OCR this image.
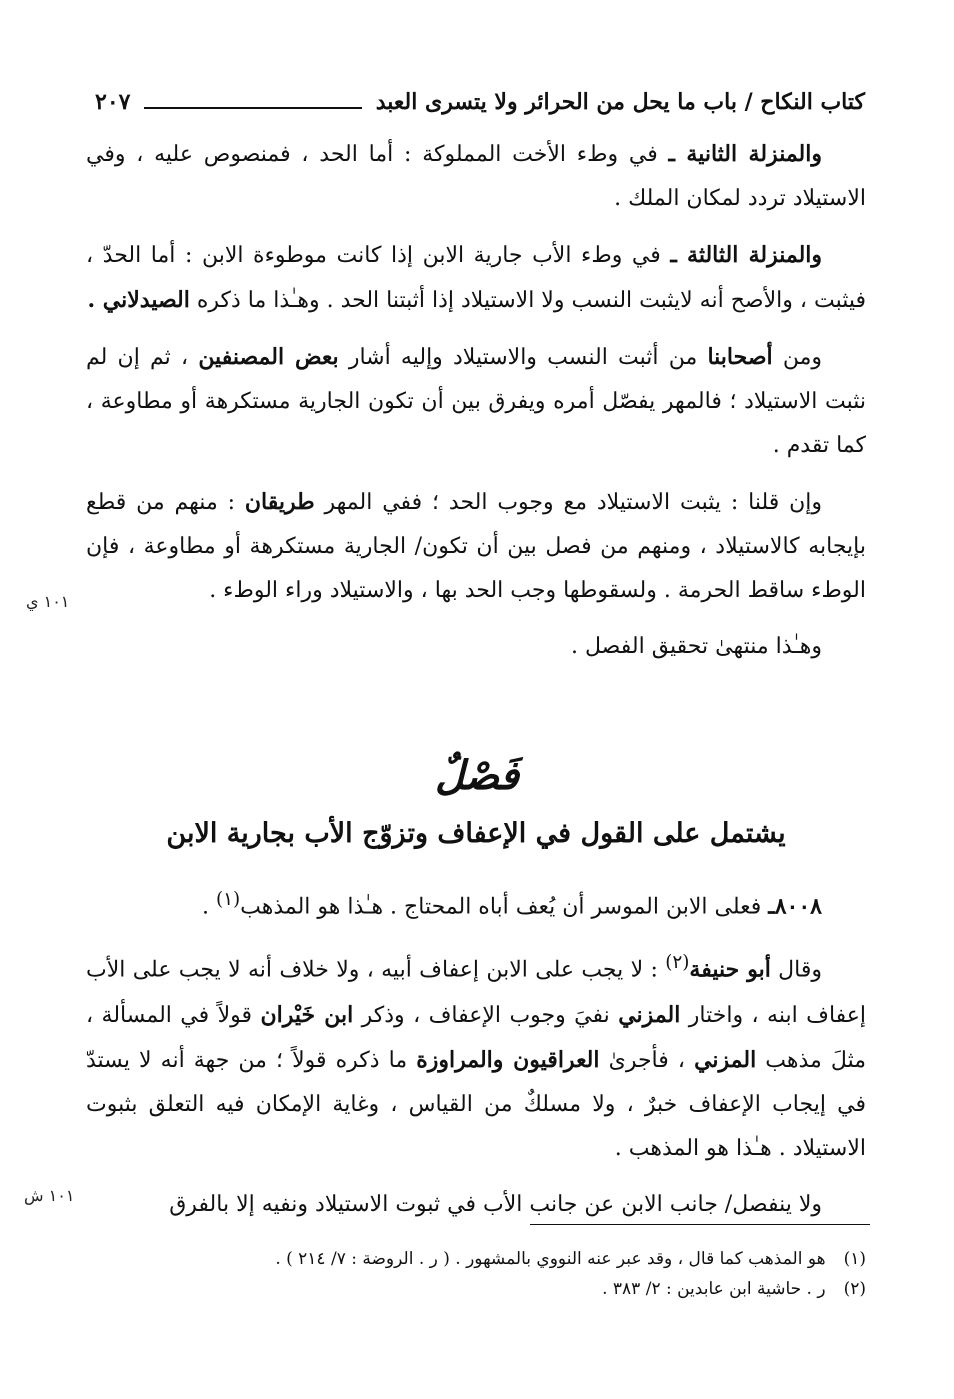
كتاب النكاح / باب ما يحل من الحرائر ولا يتسرى العبد
٢٠٧

والمنزلة الثانية ـ في وطء الأخت المملوكة : أما الحد ، فمنصوص عليه ، وفي الاستيلاد تردد لمكان الملك .

والمنزلة الثالثة ـ في وطء الأب جارية الابن إذا كانت موطوءة الابن : أما الحدّ ، فيثبت ، والأصح أنه لايثبت النسب ولا الاستيلاد إذا أثبتنا الحد . وهـٰذا ما ذكره الصيدلاني .

ومن أصحابنا من أثبت النسب والاستيلاد وإليه أشار بعض المصنفين ، ثم إن لم نثبت الاستيلاد ؛ فالمهر يفصّل أمره ويفرق بين أن تكون الجارية مستكرهة أو مطاوعة ، كما تقدم .

وإن قلنا : يثبت الاستيلاد مع وجوب الحد ؛ ففي المهر طريقان : منهم من قطع بإيجابه كالاستيلاد ، ومنهم من فصل بين أن تكون/ الجارية مستكرهة أو مطاوعة ، فإن الوطء ساقط الحرمة . ولسقوطها وجب الحد بها ، والاستيلاد وراء الوطء .

وهـٰذا منتهىٰ تحقيق الفصل .

١٠١ ي
فَصْلٌ
يشتمل على القول في الإعفاف وتزوّج الأب بجارية الابن

٨٠٠٨ـ فعلى الابن الموسر أن يُعف أباه المحتاج . هـٰذا هو المذهب$^{(١)}$ .

وقال أبو حنيفة$^{(٢)}$ : لا يجب على الابن إعفاف أبيه ، ولا خلاف أنه لا يجب على الأب إعفاف ابنه ، واختار المزني نفيَ وجوب الإعفاف ، وذكر ابن خَيْران قولاً في المسألة ، مثلَ مذهب المزني ، فأجرىٰ العراقيون والمراوزة ما ذكره قولاً ؛ من جهة أنه لا يستدّ في إيجاب الإعفاف خبرٌ ، ولا مسلكٌ من القياس ، وغاية الإمكان فيه التعلق بثبوت الاستيلاد . هـٰذا هو المذهب .

ولا ينفصل/ جانب الابن عن جانب الأب في ثبوت الاستيلاد ونفيه إلا بالفرق

١٠١ ش
(١)
هو المذهب كما قال ، وقد عبر عنه النووي بالمشهور . ( ر . الروضة : ٧/ ٢١٤ ) .
(٢)
ر . حاشية ابن عابدين : ٢/ ٣٨٣ .
